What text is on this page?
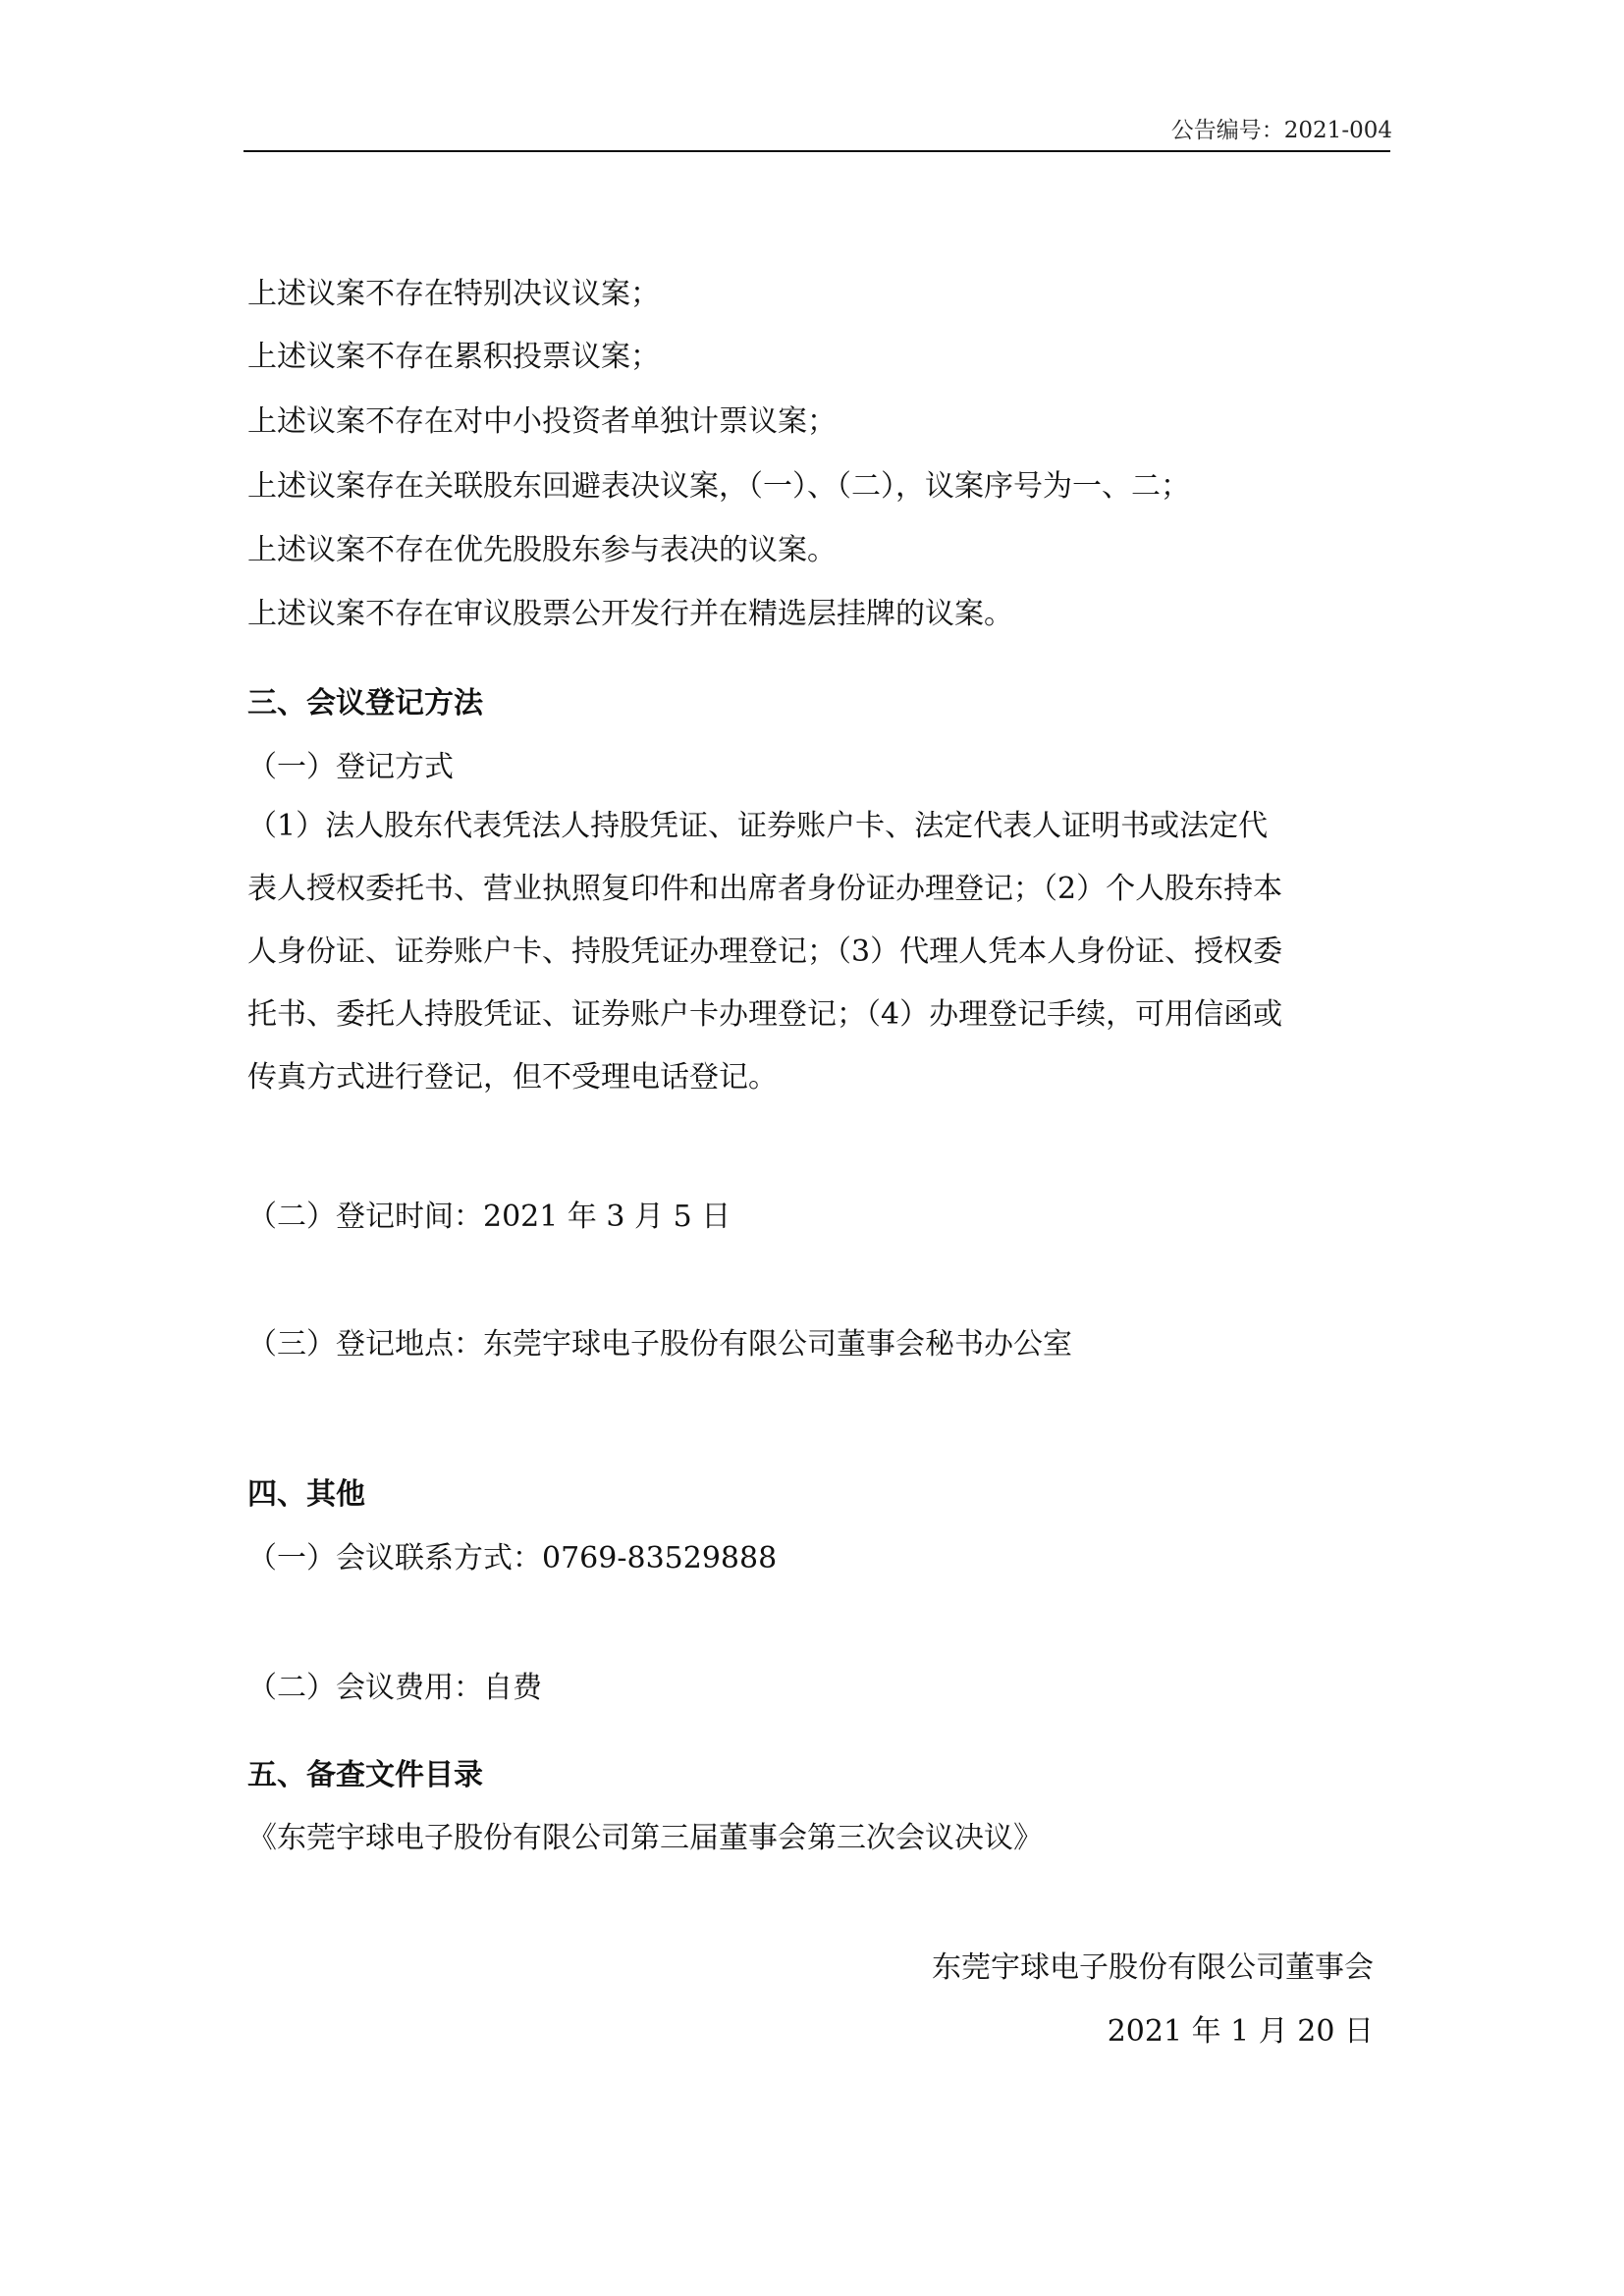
公告编号：2021-004
上述议案不存在特别决议议案；
上述议案不存在累积投票议案；
上述议案不存在对中小投资者单独计票议案；
上述议案存在关联股东回避表决议案，（一）、（二），议案序号为一、二；
上述议案不存在优先股股东参与表决的议案。
上述议案不存在审议股票公开发行并在精选层挂牌的议案。
三、会议登记方法
（一）登记方式
（1）法人股东代表凭法人持股凭证、证券账户卡、法定代表人证明书或法定代
表人授权委托书、营业执照复印件和出席者身份证办理登记；（2）个人股东持本
人身份证、证券账户卡、持股凭证办理登记；（3）代理人凭本人身份证、授权委
托书、委托人持股凭证、证券账户卡办理登记；（4）办理登记手续，可用信函或
传真方式进行登记，但不受理电话登记。
（二）登记时间：2021 年 3 月 5 日
（三）登记地点：东莞宇球电子股份有限公司董事会秘书办公室
四、其他
（一）会议联系方式：0769-83529888
（二）会议费用：自费
五、备查文件目录
《东莞宇球电子股份有限公司第三届董事会第三次会议决议》
东莞宇球电子股份有限公司董事会
2021 年 1 月 20 日
